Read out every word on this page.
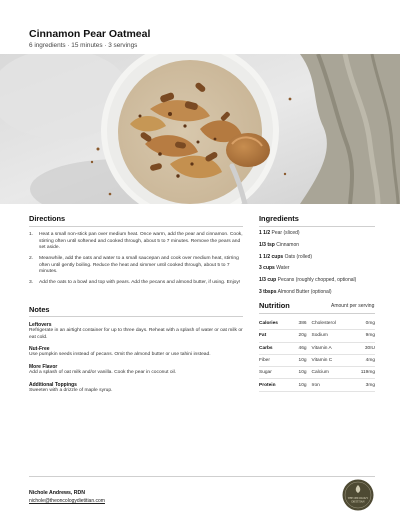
Cinnamon Pear Oatmeal
6 ingredients · 15 minutes · 3 servings
Directions
1. Heat a small non-stick pan over medium heat. Once warm, add the pear and cinnamon. Cook, stirring often until softened and cooked through, about 5 to 7 minutes. Remove the pears and set aside.
2. Meanwhile, add the oats and water to a small saucepan and cook over medium heat, stirring often until gently boiling. Reduce the heat and simmer until cooked through, about 5 to 7 minutes.
3. Add the oats to a bowl and top with pears. Add the pecans and almond butter, if using. Enjoy!
Notes
Leftovers
Refrigerate in an airtight container for up to three days. Reheat with a splash of water or oat milk or eat cold.
Nut-Free
Use pumpkin seeds instead of pecans. Omit the almond butter or use tahini instead.
More Flavor
Add a splash of oat milk and/or vanilla. Cook the pear in coconut oil.
Additional Toppings
Sweeten with a drizzle of maple syrup.
Ingredients
1 1/2 Pear (sliced)
1/3 tsp Cinnamon
1 1/2 cups Oats (rolled)
3 cups Water
1/3 cup Pecans (roughly chopped, optional)
3 tbsps Almond Butter (optional)
Nutrition	Amount per serving
Calories	386	Cholesterol	0mg
Fat	20g	Sodium	9mg
Carbs	46g	Vitamin A	30IU
Fiber	10g	Vitamin C	4mg
Sugar	10g	Calcium	119mg
Protein	10g	Iron	3mg
Nichole Andrews, RDN
nichole@theoncologydietitian.com	THE ONCOLOGY
DIETITIAN
